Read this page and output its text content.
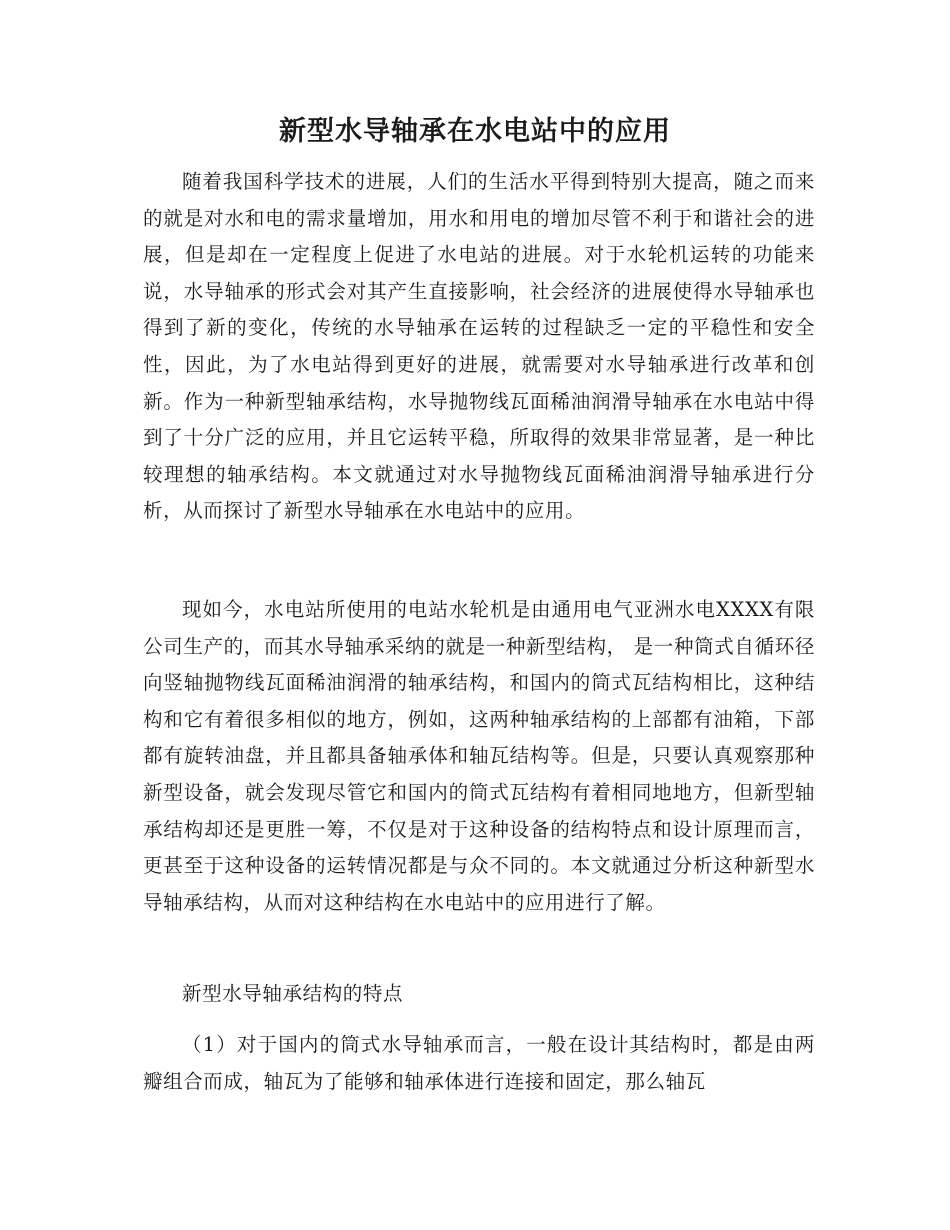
新型水导轴承在水电站中的应用

随着我国科学技术的进展，人们的生活水平得到特别大提高，随之而来的就是对水和电的需求量增加，用水和用电的增加尽管不利于和谐社会的进展，但是却在一定程度上促进了水电站的进展。对于水轮机运转的功能来说，水导轴承的形式会对其产生直接影响，社会经济的进展使得水导轴承也得到了新的变化，传统的水导轴承在运转的过程缺乏一定的平稳性和安全性，因此，为了水电站得到更好的进展，就需要对水导轴承进行改革和创新。作为一种新型轴承结构，水导抛物线瓦面稀油润滑导轴承在水电站中得到了十分广泛的应用，并且它运转平稳，所取得的效果非常显著，是一种比较理想的轴承结构。本文就通过对水导抛物线瓦面稀油润滑导轴承进行分析，从而探讨了新型水导轴承在水电站中的应用。

现如今，水电站所使用的电站水轮机是由通用电气亚洲水电XXXX有限公司生产的，而其水导轴承采纳的就是一种新型结构， 是一种筒式自循环径向竖轴抛物线瓦面稀油润滑的轴承结构，和国内的筒式瓦结构相比，这种结构和它有着很多相似的地方，例如，这两种轴承结构的上部都有油箱，下部都有旋转油盘，并且都具备轴承体和轴瓦结构等。但是，只要认真观察那种新型设备，就会发现尽管它和国内的筒式瓦结构有着相同地地方，但新型轴承结构却还是更胜一筹，不仅是对于这种设备的结构特点和设计原理而言，更甚至于这种设备的运转情况都是与众不同的。本文就通过分析这种新型水导轴承结构，从而对这种结构在水电站中的应用进行了解。

新型水导轴承结构的特点

（1）对于国内的筒式水导轴承而言，一般在设计其结构时，都是由两瓣组合而成，轴瓦为了能够和轴承体进行连接和固定，那么轴瓦
